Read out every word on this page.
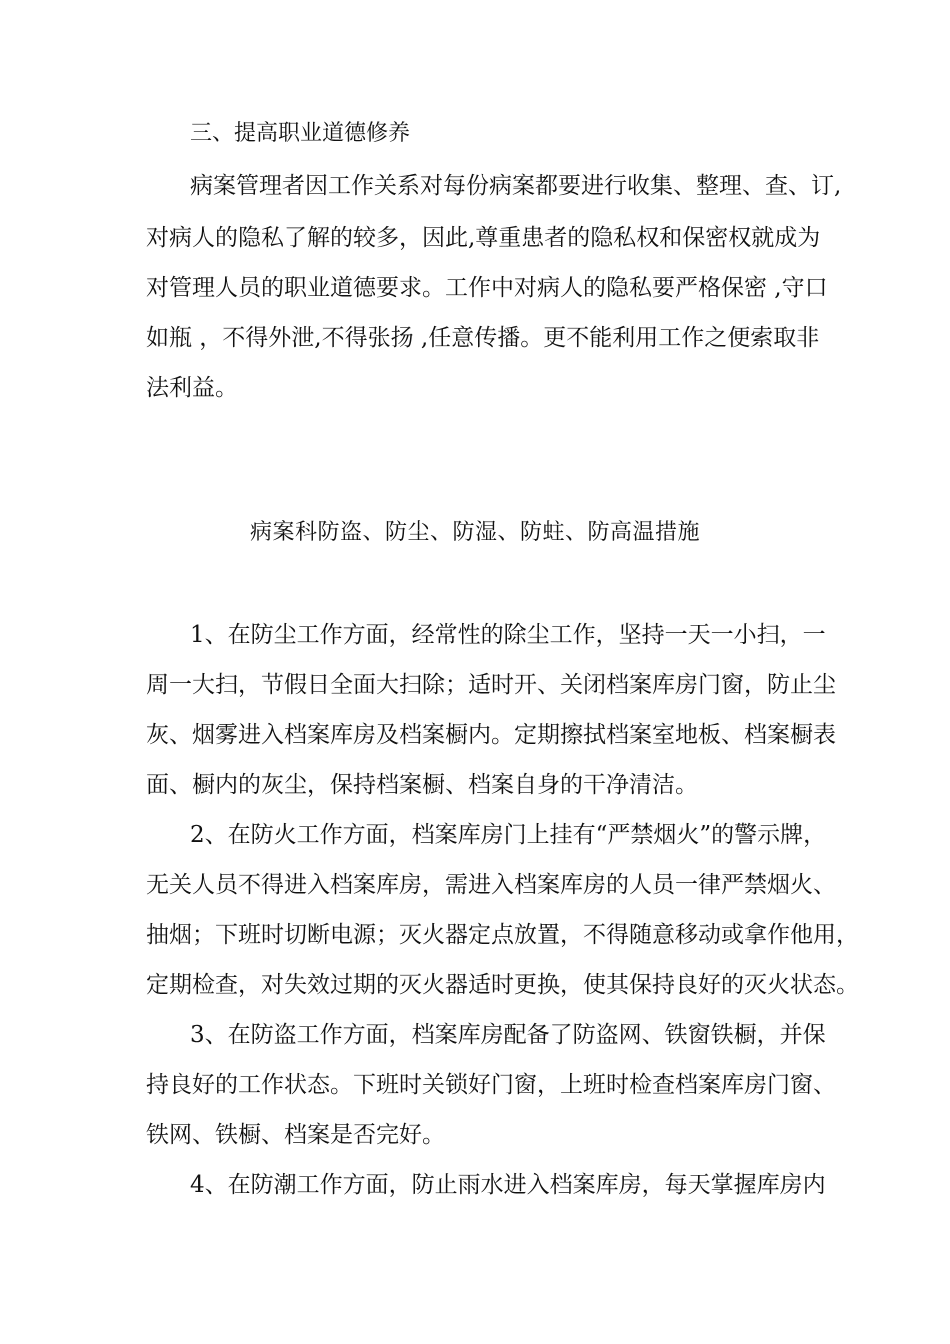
三、提高职业道德修养
病案管理者因工作关系对每份病案都要进行收集、整理、查、订,
对病人的隐私了解的较多，因此,尊重患者的隐私权和保密权就成为
对管理人员的职业道德要求。工作中对病人的隐私要严格保密 ,守口
如瓶 ，不得外泄,不得张扬 ,任意传播。更不能利用工作之便索取非
法利益。
病案科防盗、防尘、防湿、防蛀、防高温措施
1、在防尘工作方面，经常性的除尘工作，坚持一天一小扫，一
周一大扫，节假日全面大扫除；适时开、关闭档案库房门窗，防止尘
灰、烟雾进入档案库房及档案橱内。定期擦拭档案室地板、档案橱表
面、橱内的灰尘，保持档案橱、档案自身的干净清洁。
2、在防火工作方面，档案库房门上挂有“严禁烟火”的警示牌，
无关人员不得进入档案库房，需进入档案库房的人员一律严禁烟火、
抽烟；下班时切断电源；灭火器定点放置，不得随意移动或拿作他用，
定期检查，对失效过期的灭火器适时更换，使其保持良好的灭火状态。
3、在防盗工作方面，档案库房配备了防盗网、铁窗铁橱，并保
持良好的工作状态。下班时关锁好门窗，上班时检查档案库房门窗、
铁网、铁橱、档案是否完好。
4、在防潮工作方面，防止雨水进入档案库房，每天掌握库房内
